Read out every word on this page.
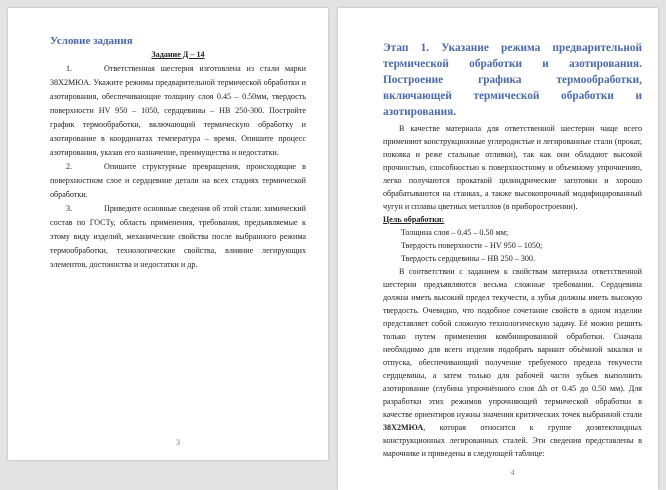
Условие задания

Задание Д – 14

1.	Ответственная шестерня изготовлена из стали марки 38Х2МЮА. Укажите режимы предварительной термической обработки и азотирования, обеспечивающие толщину слоя 0.45 – 0.50мм, твердость поверхности HV 950 – 1050, сердцевины – НВ 250-300. Постройте график термообработки, включающий термическую обработку и азотирование в координатах температура – время. Опишите процесс азотирования, указав его назначение, преимущества и недостатки.

2.	Опишите структурные превращения, происходящие в поверхностном слое и сердцевине детали на всех стадиях термической обработки.

3.	Приведите основные сведения об этой стали: химический состав по ГОСТу, область применения, требования, предъявляемые к этому виду изделий, механические свойства после выбранного режима термообработки, технологические свойства, влияние легирующих элементов, достоинства и недостатки и др.

3

Этап 1. Указание режима предварительной термической обработки и азотирования. Построение графика термообработки, включающей термической обработки и азотирования.

В качестве материала для ответственной шестерни чаще всего применяют конструкционные углеродистые и легированные стали (прокат, поковка и реже стальные отливки), так как они обладают высокой прочностью, способностью к поверхностному и объемному упрочнению, легко получаются прокаткой цилиндрические заготовки и хорошо обрабатываются на станках, а также высокопрочный модифицированный чугун и сплавы цветных металлов (в приборостроении).

Цель обработки:

Толщина слоя – 0.45 – 0.50 мм;

Твердость поверхности – HV 950 – 1050;

Твердость сердцевины – НВ 250 – 300.

В соответствии с заданием к свойствам материала ответственной шестерни предъявляются весьма сложные требования. Сердцевина должна иметь высокий предел текучести, а зубья должны иметь высокую твердость. Очевидно, что подобное сочетание свойств в одном изделии представляет собой сложную технологическую задачу. Её можно решить только путем применения комбинированной обработки. Сначала необходимо для всего изделия подобрать вариант объёмной закалки и отпуска, обеспечивающий получение требуемого предела текучести сердцевины, а затем только для рабочей части зубьев выполнить азотирование (глубина упрочнённого слоя Δh от 0.45 до 0.50 мм). Для разработки этих режимов упрочняющей термической обработки в качестве ориентиров нужны значения критических точек выбранной стали 38Х2МЮА, которая относится к группе доэвтектоидных конструкционных легированных сталей. Эти сведения представлены в марочнике и приведены в следующей таблице:

4
